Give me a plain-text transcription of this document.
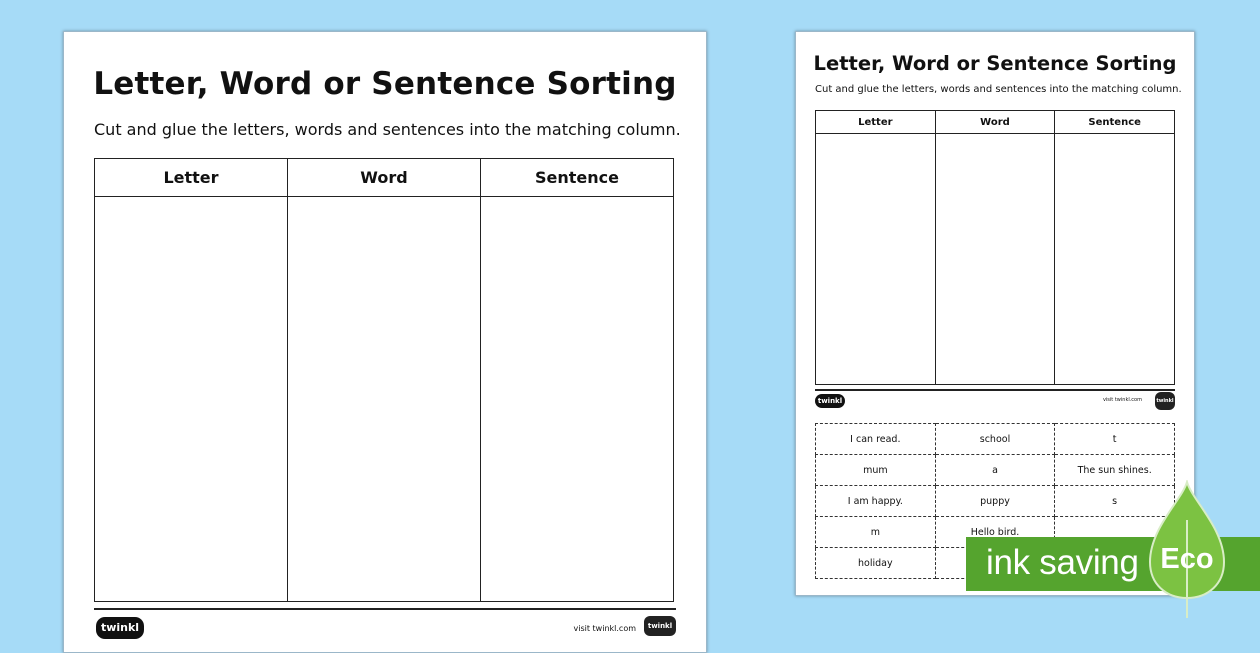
Letter, Word or Sentence Sorting
Cut and glue the letters, words and sentences into the matching column.
Letter	Word	Sentence

twinkl	visit twinkl.com	twinkl
Letter, Word or Sentence Sorting
Cut and glue the letters, words and sentences into the matching column.
Letter	Word	Sentence

twinkl	visit twinkl.com	twinkl
I can read.	school	t
mum	a	The sun shines.
I am happy.	puppy	s
m	Hello bird.	
holiday			ink saving Eco
